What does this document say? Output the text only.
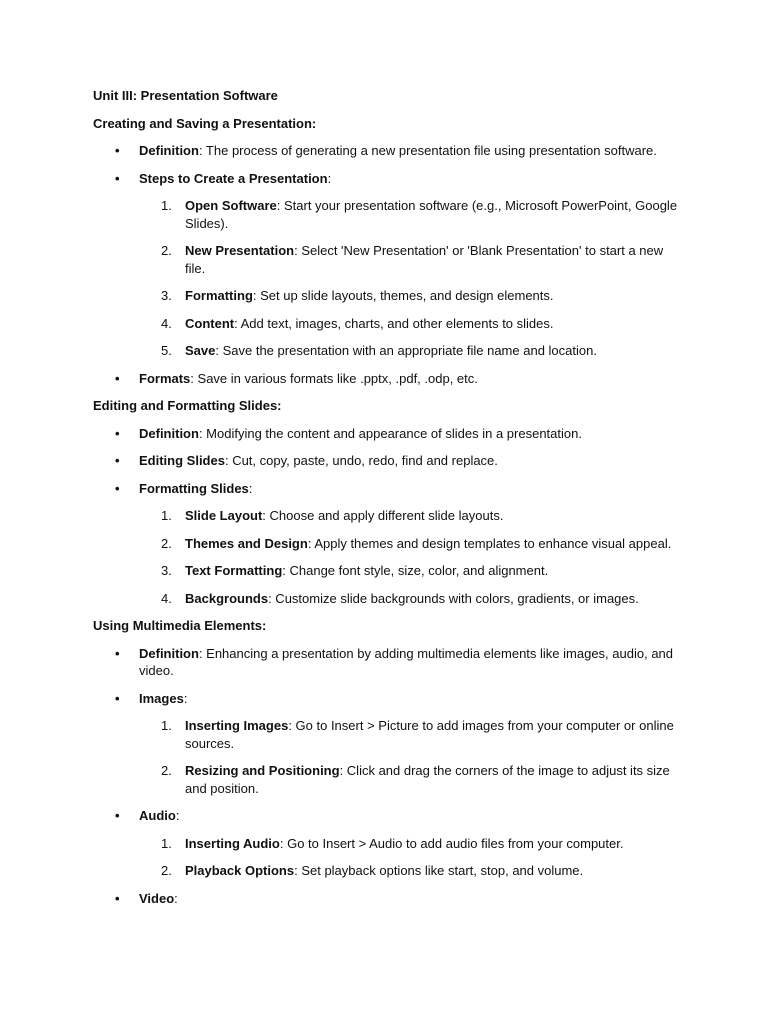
Unit III: Presentation Software
Creating and Saving a Presentation:
• Definition: The process of generating a new presentation file using presentation software.
• Steps to Create a Presentation:
1. Open Software: Start your presentation software (e.g., Microsoft PowerPoint, Google Slides).
2. New Presentation: Select 'New Presentation' or 'Blank Presentation' to start a new file.
3. Formatting: Set up slide layouts, themes, and design elements.
4. Content: Add text, images, charts, and other elements to slides.
5. Save: Save the presentation with an appropriate file name and location.
• Formats: Save in various formats like .pptx, .pdf, .odp, etc.
Editing and Formatting Slides:
• Definition: Modifying the content and appearance of slides in a presentation.
• Editing Slides: Cut, copy, paste, undo, redo, find and replace.
• Formatting Slides:
1. Slide Layout: Choose and apply different slide layouts.
2. Themes and Design: Apply themes and design templates to enhance visual appeal.
3. Text Formatting: Change font style, size, color, and alignment.
4. Backgrounds: Customize slide backgrounds with colors, gradients, or images.
Using Multimedia Elements:
• Definition: Enhancing a presentation by adding multimedia elements like images, audio, and video.
• Images:
1. Inserting Images: Go to Insert > Picture to add images from your computer or online sources.
2. Resizing and Positioning: Click and drag the corners of the image to adjust its size and position.
• Audio:
1. Inserting Audio: Go to Insert > Audio to add audio files from your computer.
2. Playback Options: Set playback options like start, stop, and volume.
• Video:
